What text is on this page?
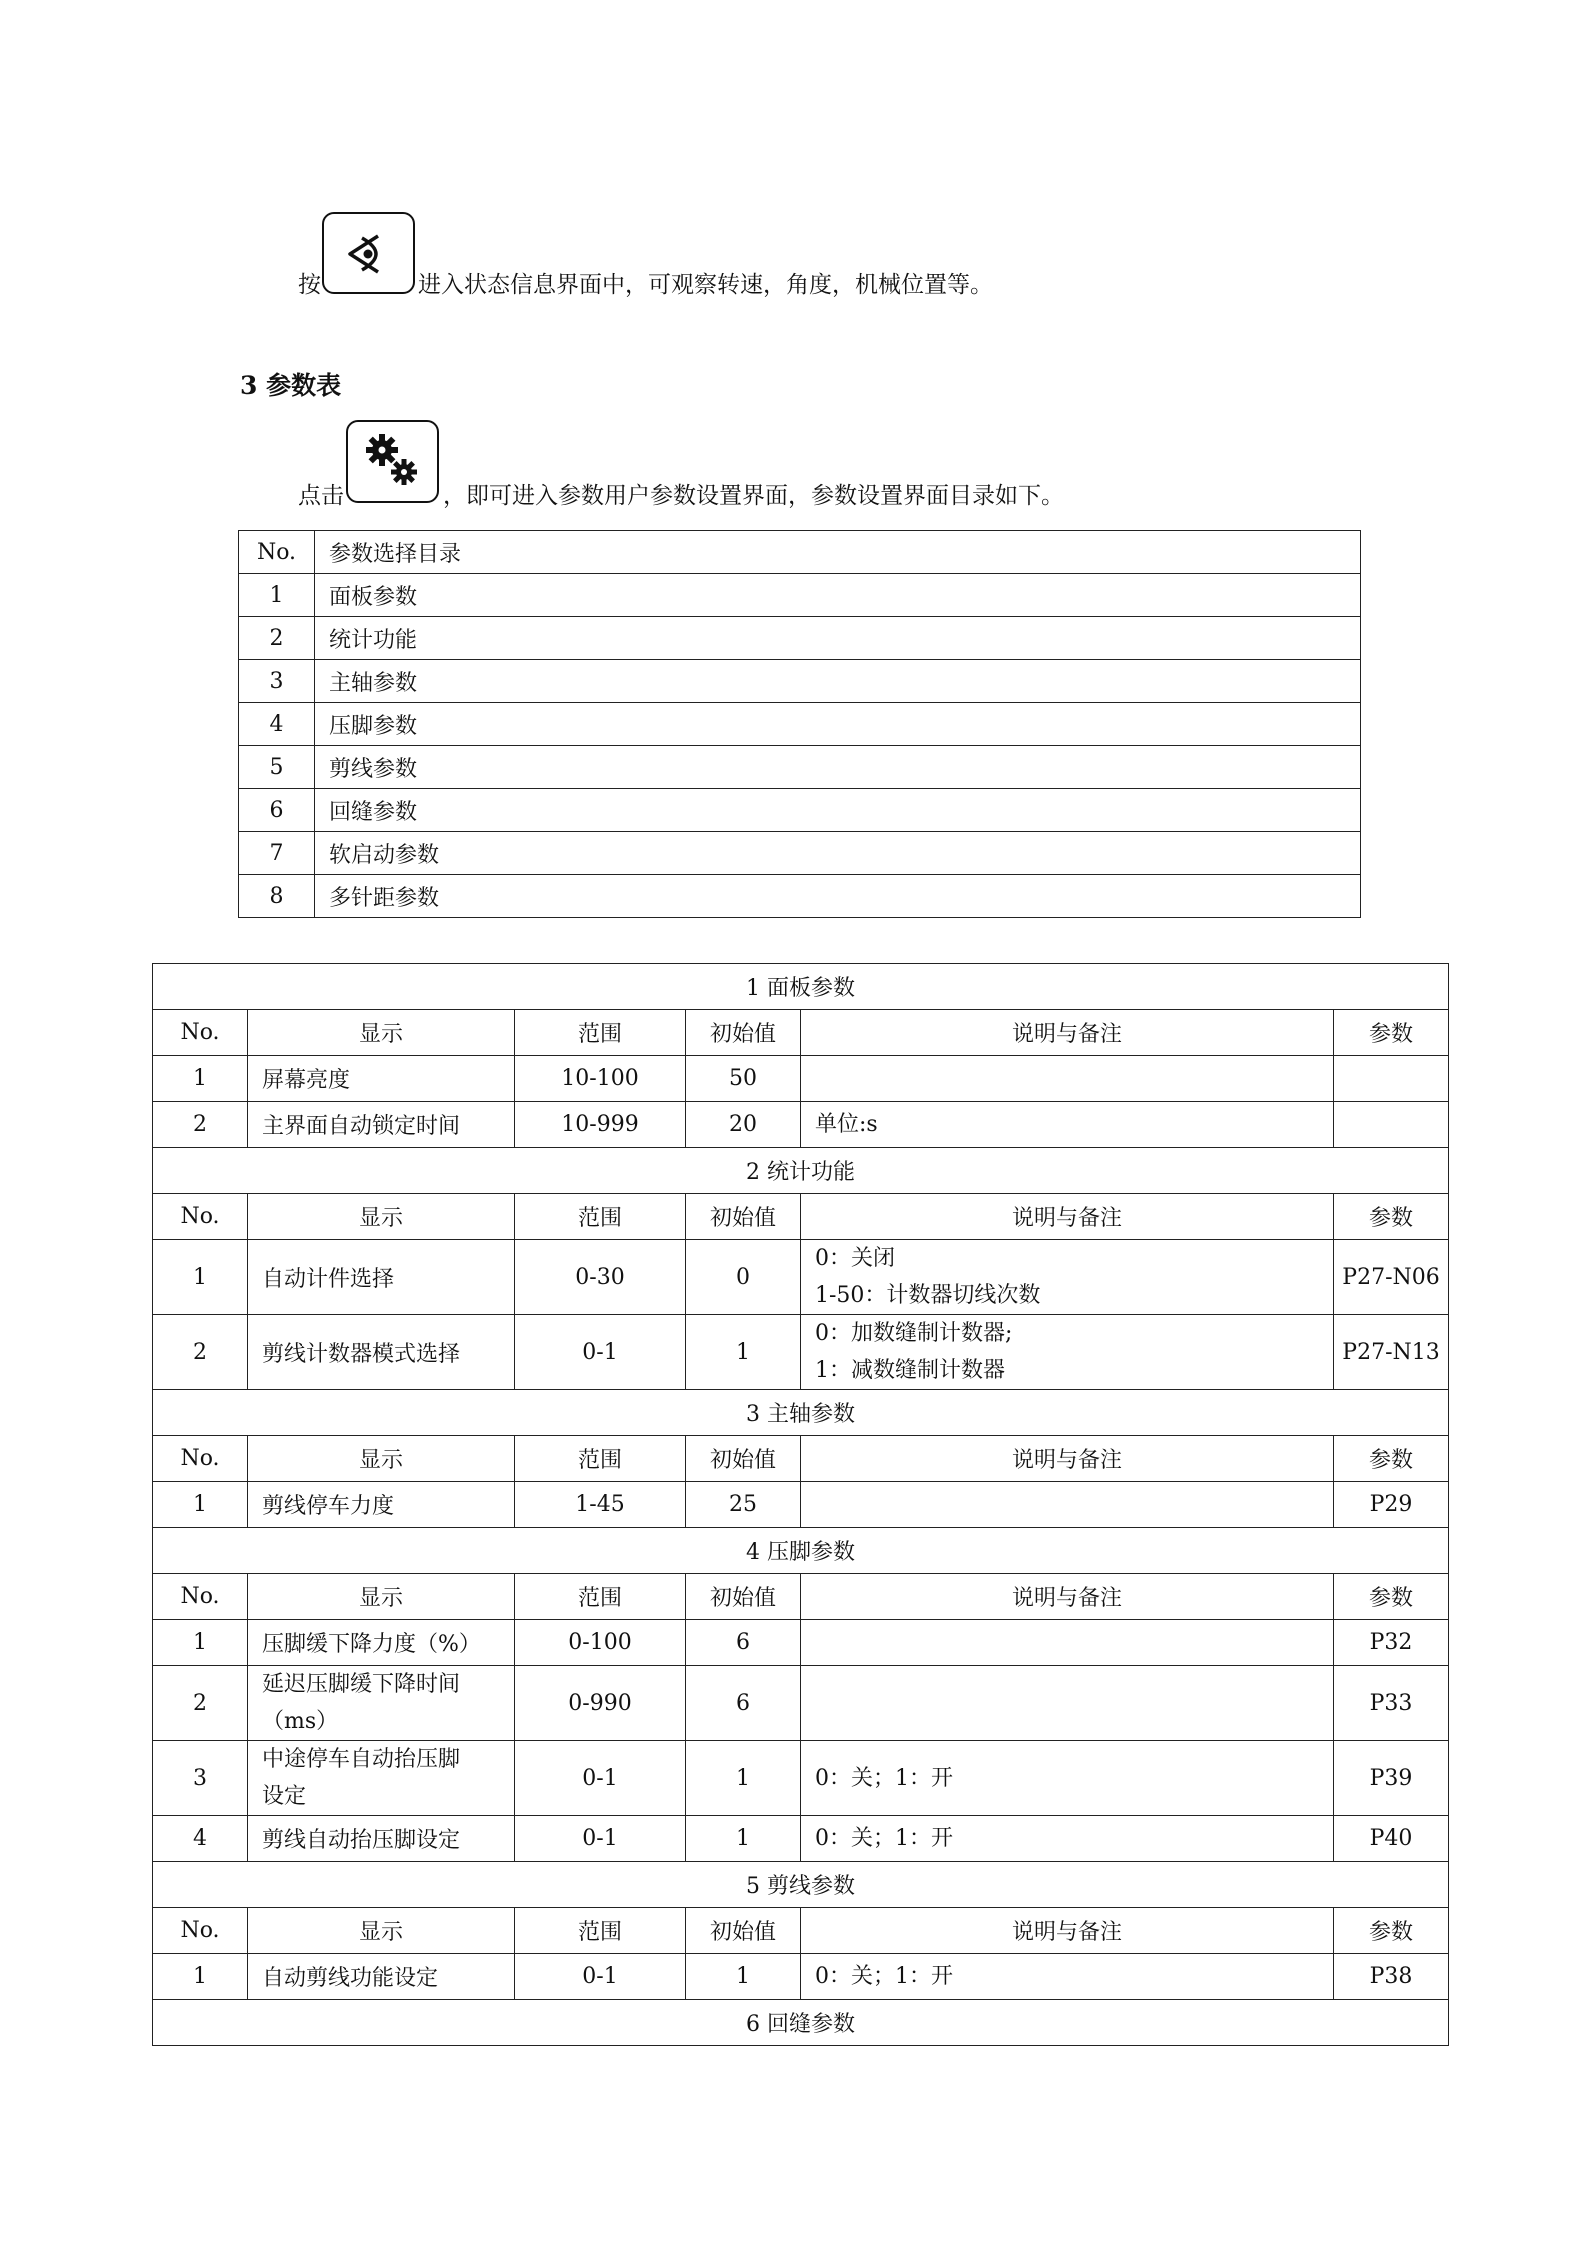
按	进入状态信息界面中，可观察转速，角度，机械位置等。
3 参数表
点击	，即可进入参数用户参数设置界面，参数设置界面目录如下。
No.	参数选择目录
1	面板参数
2	统计功能
3	主轴参数
4	压脚参数
5	剪线参数
6	回缝参数
7	软启动参数
8	多针距参数
1 面板参数					
No.	显示	范围	初始值	说明与备注	参数
1	屏幕亮度	10-100	50	

2	主界面自动锁定时间	10-999	20	单位:s	

2 统计功能					
No.	显示	范围	初始值	说明与备注	参数
1	自动计件选择	0-30	0	0：关闭
1-50：计数器切线次数	P27-N06
2	剪线计数器模式选择	0-1	1	0：加数缝制计数器;
1：减数缝制计数器	P27-N13
3 主轴参数					
No.	显示	范围	初始值	说明与备注	参数
1	剪线停车力度	1-45	25		P29
4 压脚参数					
No.	显示	范围	初始值	说明与备注	参数
1	压脚缓下降力度（%）	0-100	6		P32
2	延迟压脚缓下降时间
（ms）	0-990	6		P33
3	中途停车自动抬压脚
设定	0-1	1	0：关；1：开	P39
4	剪线自动抬压脚设定	0-1	1	0：关；1：开	P40
5 剪线参数					
No.	显示	范围	初始值	说明与备注	参数
1	自动剪线功能设定	0-1	1	0：关；1：开	P38
6 回缝参数					
